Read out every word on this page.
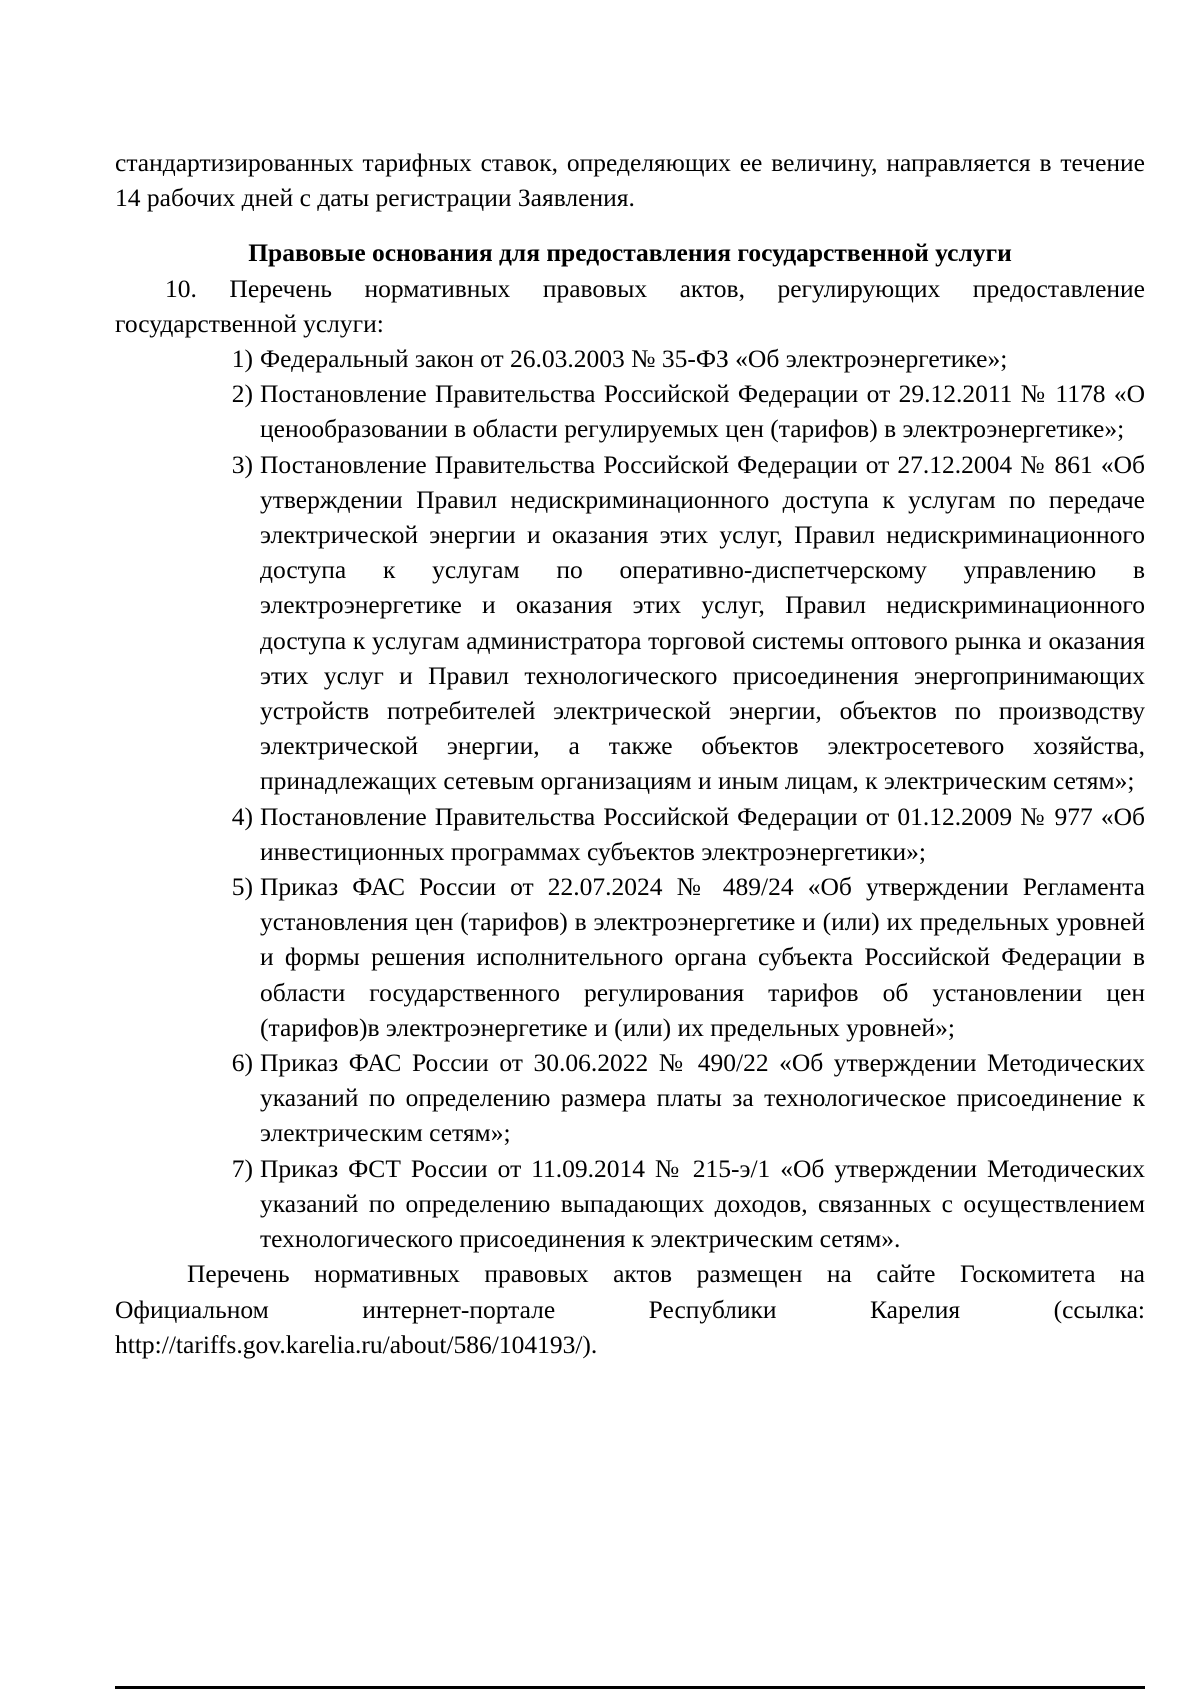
стандартизированных тарифных ставок, определяющих ее величину, направляется в течение 14 рабочих дней с даты регистрации Заявления.

Правовые основания для предоставления государственной услуги

10. Перечень нормативных правовых актов, регулирующих предоставление государственной услуги:

1) Федеральный закон от 26.03.2003 № 35-ФЗ «Об электроэнергетике»;
2) Постановление Правительства Российской Федерации от 29.12.2011 № 1178 «О ценообразовании в области регулируемых цен (тарифов) в электроэнергетике»;
3) Постановление Правительства Российской Федерации от 27.12.2004 № 861 «Об утверждении Правил недискриминационного доступа к услугам по передаче электрической энергии и оказания этих услуг, Правил недискриминационного доступа к услугам по оперативно-диспетчерскому управлению в электроэнергетике и оказания этих услуг, Правил недискриминационного доступа к услугам администратора торговой системы оптового рынка и оказания этих услуг и Правил технологического присоединения энергопринимающих устройств потребителей электрической энергии, объектов по производству электрической энергии, а также объектов электросетевого хозяйства, принадлежащих сетевым организациям и иным лицам, к электрическим сетям»;
4) Постановление Правительства Российской Федерации от 01.12.2009 № 977 «Об инвестиционных программах субъектов электроэнергетики»;
5) Приказ ФАС России от 22.07.2024 № 489/24 «Об утверждении Регламента установления цен (тарифов) в электроэнергетике и (или) их предельных уровней и формы решения исполнительного органа субъекта Российской Федерации в области государственного регулирования тарифов об установлении цен (тарифов)в электроэнергетике и (или) их предельных уровней»;
6) Приказ ФАС России от 30.06.2022 № 490/22 «Об утверждении Методических указаний по определению размера платы за технологическое присоединение к электрическим сетям»;
7) Приказ ФСТ России от 11.09.2014 № 215-э/1 «Об утверждении Методических указаний по определению выпадающих доходов, связанных с осуществлением технологического присоединения к электрическим сетям».

Перечень нормативных правовых актов размещен на сайте Госкомитета на Официальном интернет-портале Республики Карелия (ссылка: http://tariffs.gov.karelia.ru/about/586/104193/).
